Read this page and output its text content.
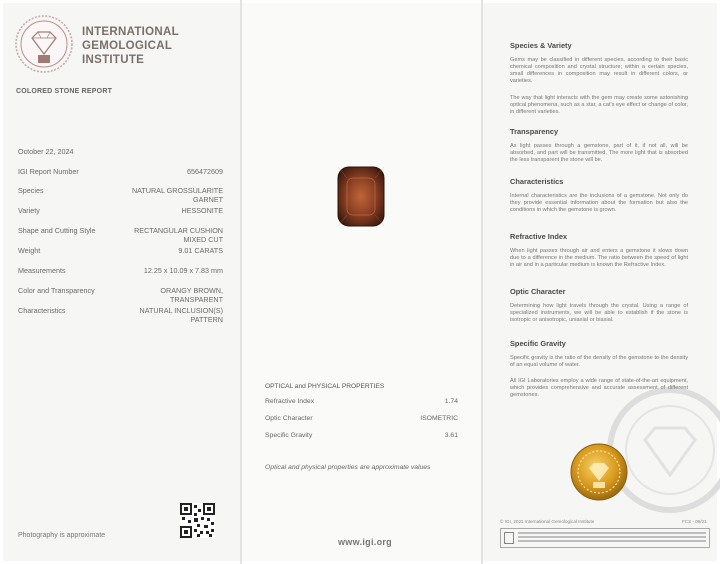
INTERNATIONAL
GEMOLOGICAL
INSTITUTE
COLORED STONE REPORT
October 22, 2024
IGI Report Number	656472609
Species	NATURAL GROSSULARITE GARNET
Variety	HESSONITE
Shape and Cutting Style	RECTANGULAR CUSHION MIXED CUT
Weight	9.01 CARATS
Measurements	12.25 x 10.09 x 7.83 mm
Color and Transparency	ORANGY BROWN, TRANSPARENT
Characteristics	NATURAL INCLUSION(S) PATTERN
Photography is approximate
OPTICAL and PHYSICAL PROPERTIES
Refractive Index	1.74
Optic Character	ISOMETRIC
Specific Gravity	3.61
Optical and physical properties are approximate values
www.igi.org
Species & Variety
Gems may be classified in different species, according to their basic chemical composition and crystal structure; within a certain species, small differences in composition may result in different colors, or varieties.
The way that light interacts with the gem may create some astonishing optical phenomena, such as a star, a cat's eye effect or change of color, in different varieties.
Transparency
As light passes through a gemstone, part of it, if not all, will be absorbed, and part will be transmitted. The more light that is absorbed the less transparent the stone will be.
Characteristics
Internal characteristics are the inclusions of a gemstone. Not only do they provide essential information about the formation but also the conditions in which the gemstone is grown.
Refractive Index
When light passes through air and enters a gemstone it slows down due to a difference in the medium. The ratio between the speed of light in air and in a particular medium is known the Refractive Index.
Optic Character
Determining how light travels through the crystal. Using a range of specialized instruments, we will be able to establish if the stone is isotropic or anisotropic, uniaxial or biaxial.
Specific Gravity
Specific gravity is the ratio of the density of the gemstone to the density of an equal volume of water.
All IGI Laboratories employ a wide range of state-of-the-art equipment, which provides comprehensive and accurate assessment of different gemstones.
© IGI, 2021 International Gemological Institute	FCS - 08/21
